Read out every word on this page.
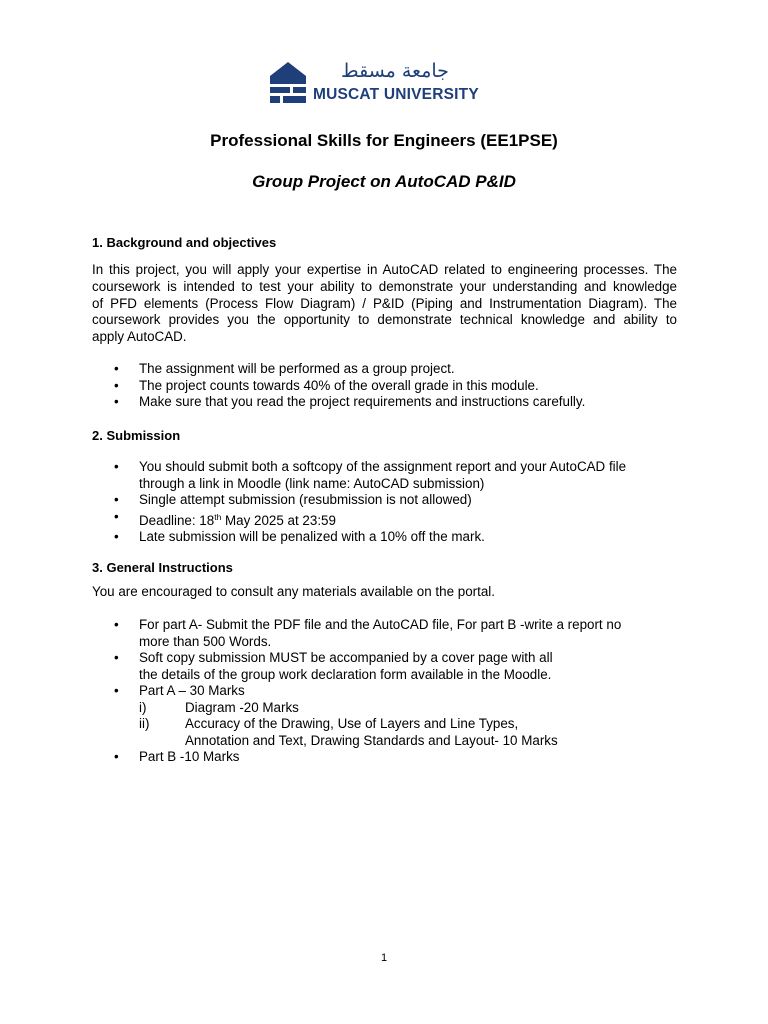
جامعة مسقط
MUSCAT UNIVERSITY
Professional Skills for Engineers (EE1PSE)
Group Project on AutoCAD P&ID
1. Background and objectives
In this project, you will apply your expertise in AutoCAD related to engineering processes. The
coursework is intended to test your ability to demonstrate your understanding and knowledge
of PFD elements (Process Flow Diagram) / P&ID (Piping and Instrumentation Diagram). The
coursework provides you the opportunity to demonstrate technical knowledge and ability to
apply AutoCAD.
• The assignment will be performed as a group project.
• The project counts towards 40% of the overall grade in this module.
• Make sure that you read the project requirements and instructions carefully.
2. Submission
• You should submit both a softcopy of the assignment report and your AutoCAD file
through a link in Moodle (link name: AutoCAD submission)
• Single attempt submission (resubmission is not allowed)
• Deadline: 18th May 2025 at 23:59
• Late submission will be penalized with a 10% off the mark.
3. General Instructions
You are encouraged to consult any materials available on the portal.
• For part A- Submit the PDF file and the AutoCAD file, For part B -write a report no
more than 500 Words.
• Soft copy submission MUST be accompanied by a cover page with all
the details of the group work declaration form available in the Moodle.
• Part A – 30 Marks
i)	Diagram -20 Marks
ii)	Accuracy of the Drawing, Use of Layers and Line Types,
Annotation and Text, Drawing Standards and Layout- 10 Marks
• Part B -10 Marks
1
